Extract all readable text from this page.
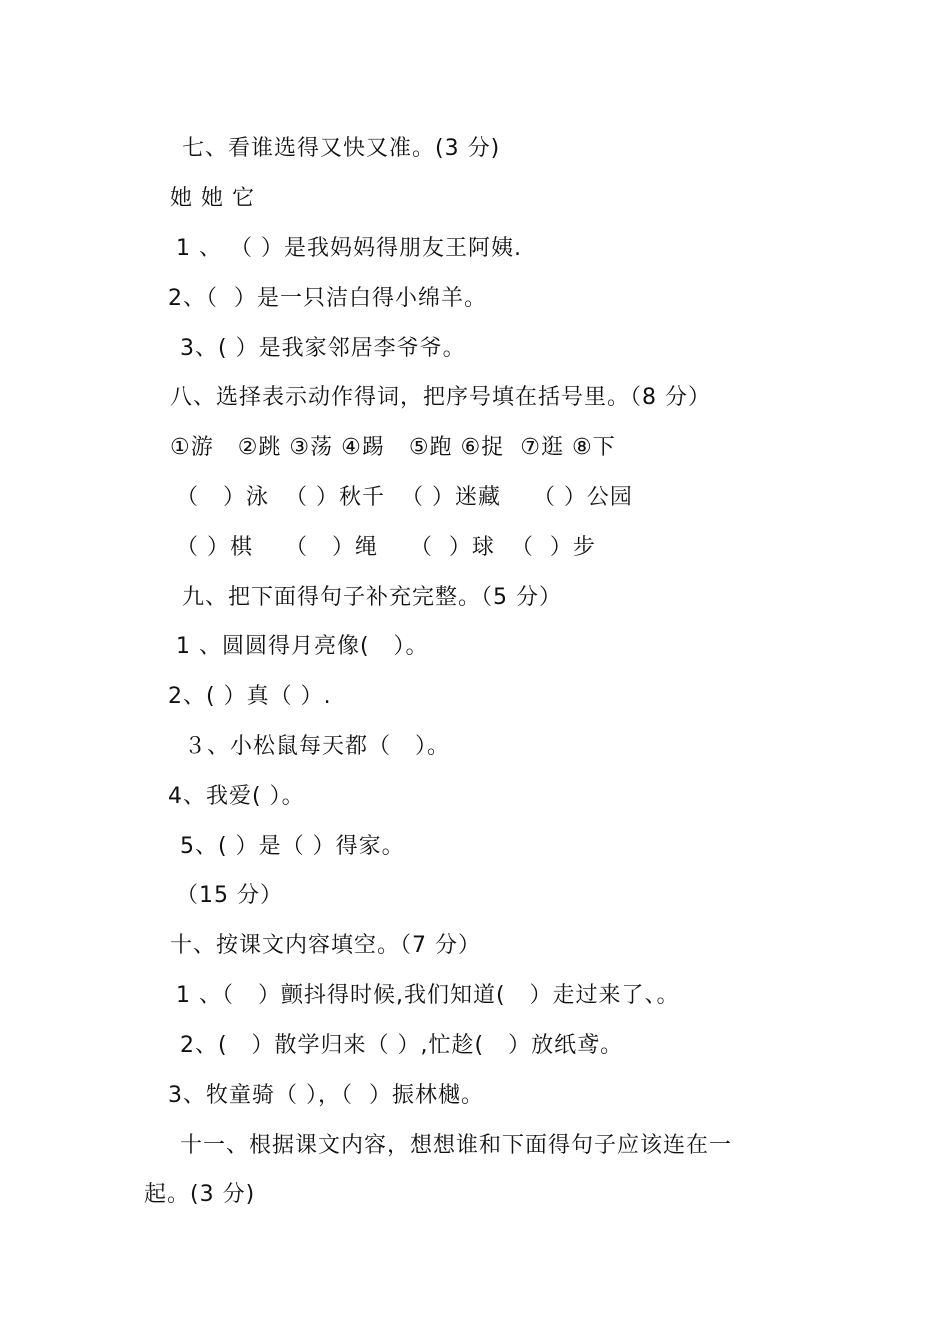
七、看谁选得又快又准。(3 分)
她 她 它
1 、 （ ）是我妈妈得朋友王阿姨.
2、（  ）是一只洁白得小绵羊。
3、( ）是我家邻居李爷爷。
八、选择表示动作得词，把序号填在括号里。（8 分）
①游   ②跳 ③荡 ④踢   ⑤跑 ⑥捉  ⑦逛 ⑧下
（   ）泳  （ ）秋千  （ ）迷藏    （ ）公园
（ ）棋    （   ）绳    （  ）球  （  ）步
九、把下面得句子补充完整。（5 分）
1 、圆圆得月亮像(   ）。
2、( ）真（ ）.
３、小松鼠每天都（   ）。
4、我爱( ）。
5、( ）是（ ）得家。
（15 分）
十、按课文内容填空。（7 分）
1 、（   ）颤抖得时候,我们知道(   ）走过来了、。
2、(   ）散学归来（ ）,忙趁(   ）放纸鸢。
3、牧童骑（ ），（  ）振林樾。
十一、根据课文内容，想想谁和下面得句子应该连在一
起。(3 分)
